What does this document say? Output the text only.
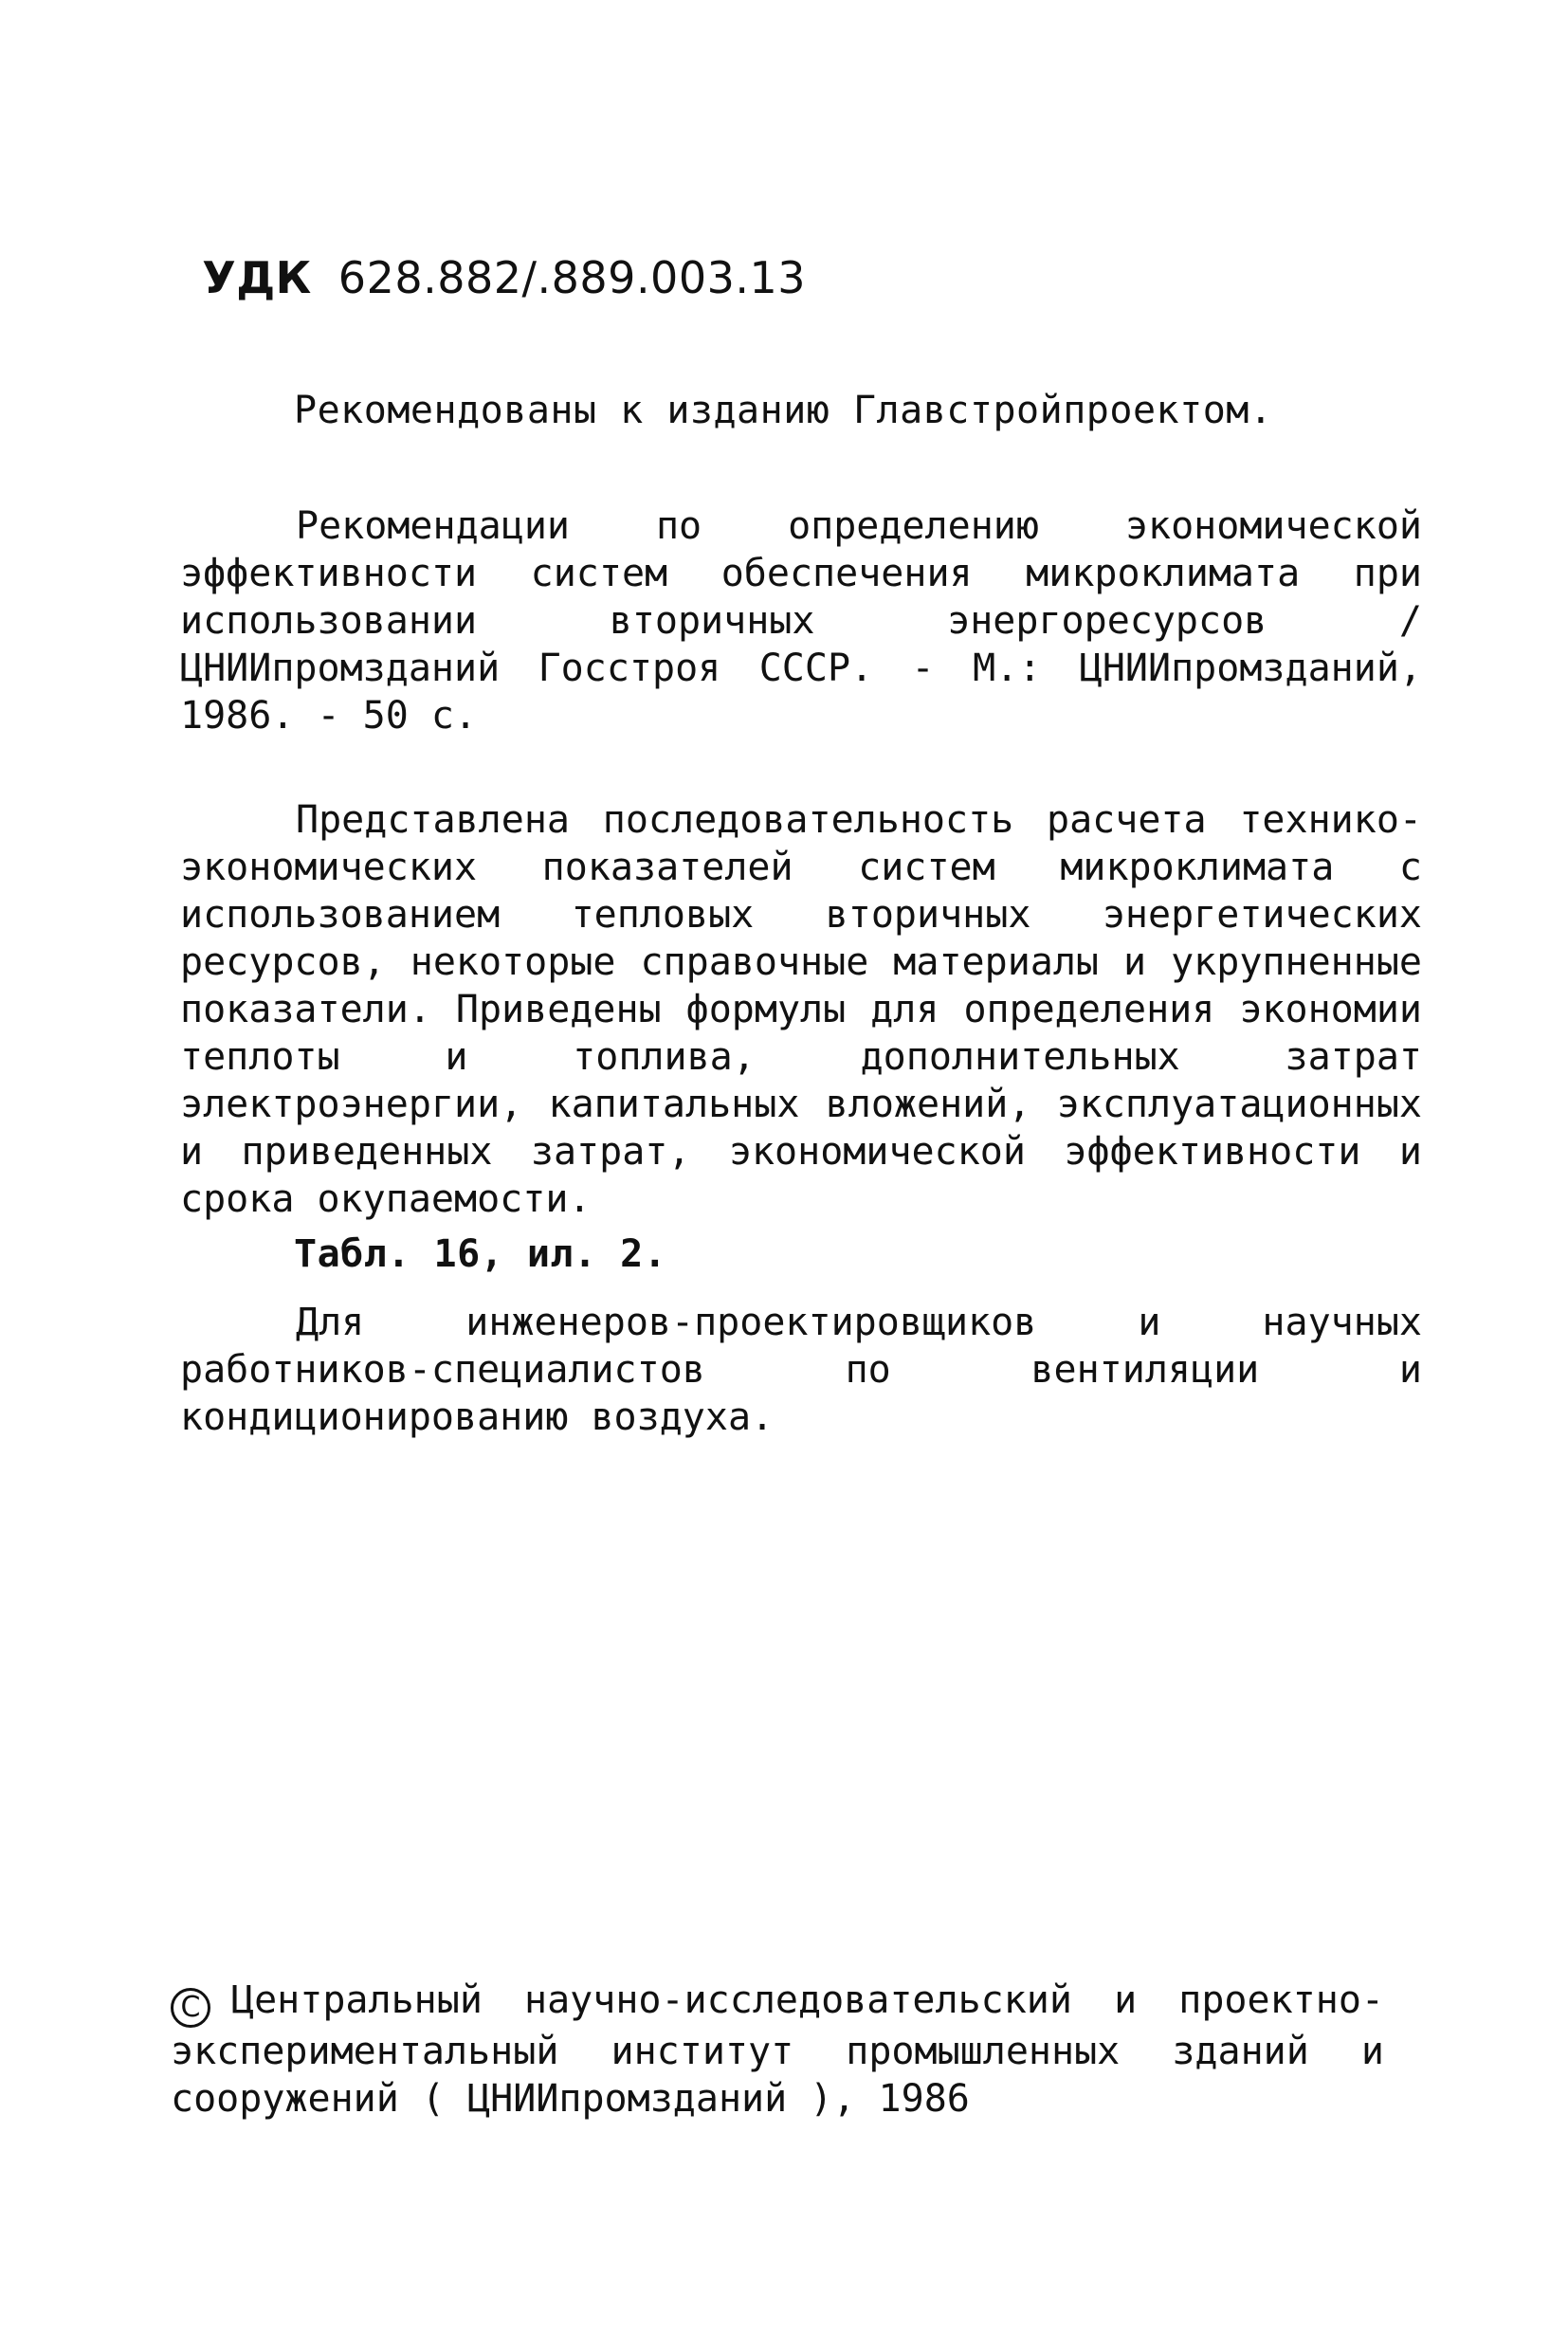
УДК 628.882/.889.003.13

Рекомендованы к изданию Главстройпроектом.
Рекомендации по определению экономической эффективности систем обеспечения микроклимата при использовании вторичных энергоресурсов / ЦНИИпромзданий Госстроя СССР. - М.: ЦНИИпромзданий, 1986. - 50 с.
Представлена последовательность расчета технико-экономических показателей систем микроклимата с использованием тепловых вторичных энергетических ресурсов, некоторые справочные материалы и укрупненные показатели. Приведены формулы для определения экономии теплоты и топлива, дополнительных затрат электроэнергии, капитальных вложений, эксплуатационных и приведенных затрат, экономической эффективности и срока окупаемости.
Табл. 16, ил. 2.
Для инженеров-проектировщиков и научных работников-специалистов по вентиляции и кондиционированию воздуха.
C Центральный научно-исследовательский и проектно-экспериментальный институт промышленных зданий и сооружений ( ЦНИИпромзданий ), 1986
